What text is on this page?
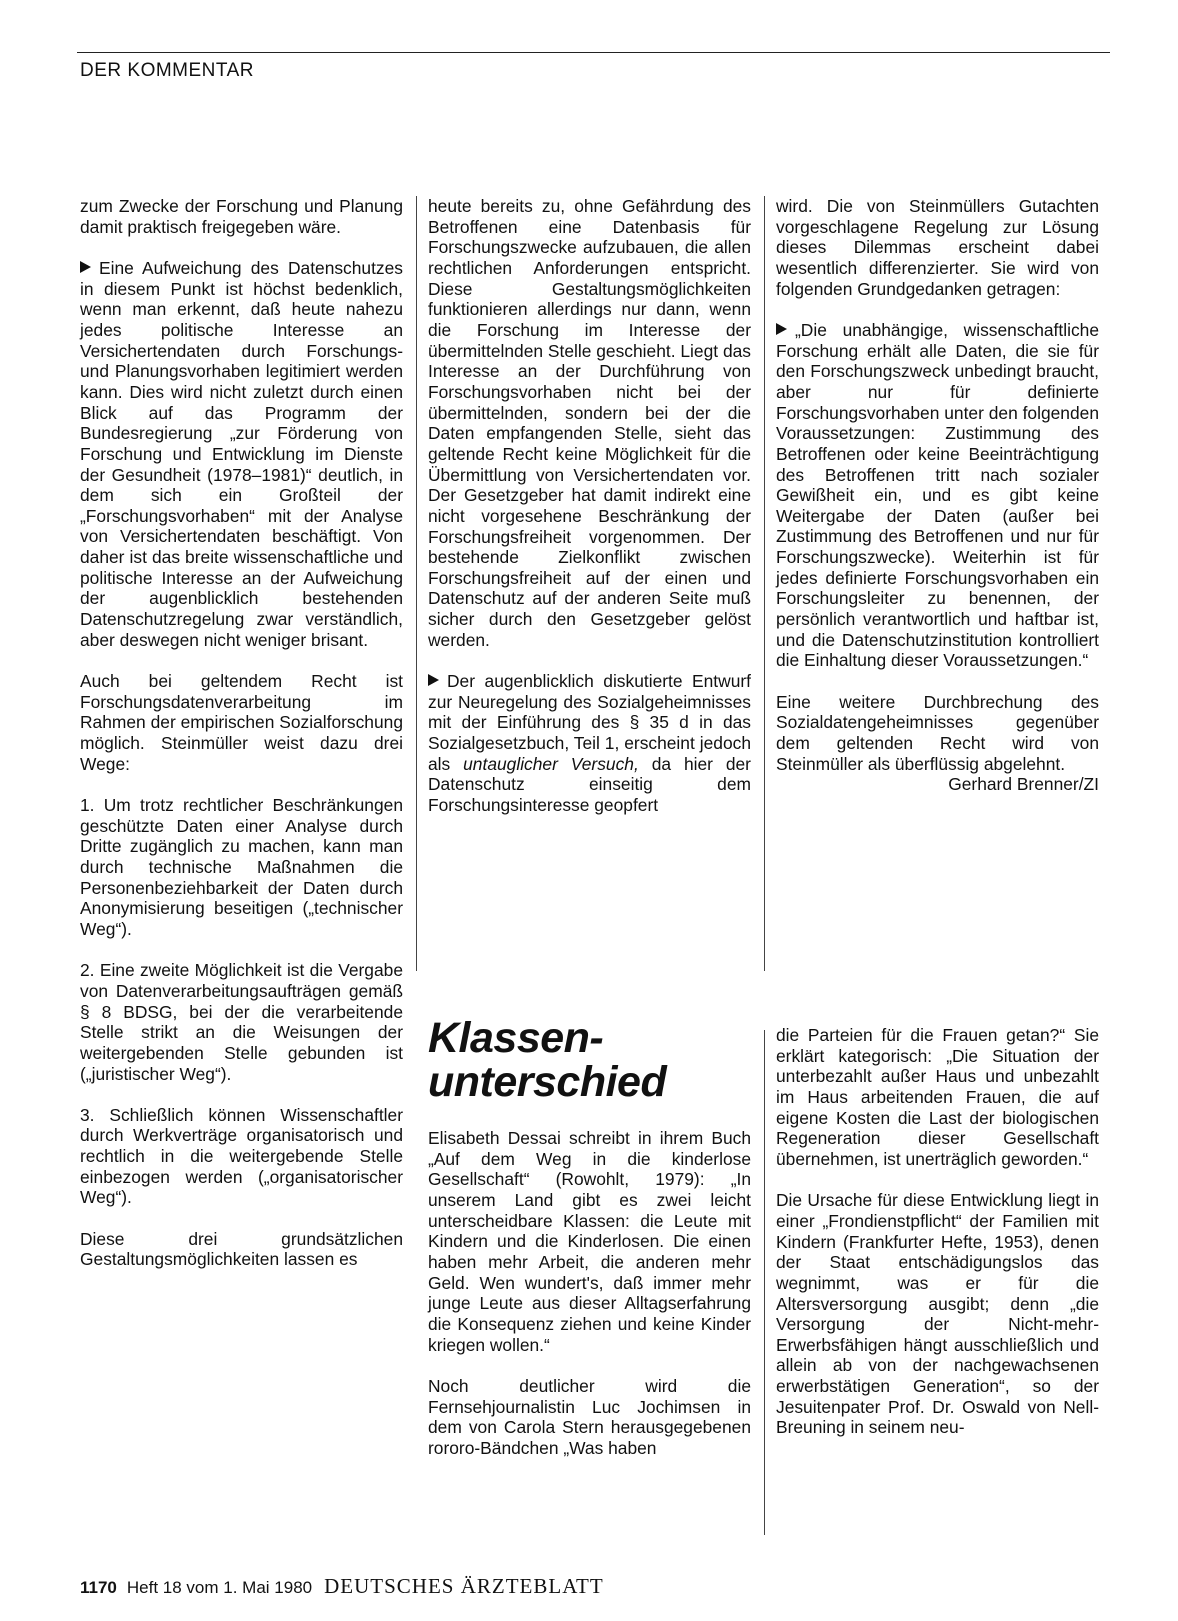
DER KOMMENTAR

zum Zwecke der Forschung und Planung damit praktisch freigegeben wäre.

Eine Aufweichung des Datenschutzes in diesem Punkt ist höchst bedenklich, wenn man erkennt, daß heute nahezu jedes politische Interesse an Versichertendaten durch Forschungs- und Planungsvorhaben legitimiert werden kann. Dies wird nicht zuletzt durch einen Blick auf das Programm der Bundesregierung „zur Förderung von Forschung und Entwicklung im Dienste der Gesundheit (1978–1981)“ deutlich, in dem sich ein Großteil der „Forschungsvorhaben“ mit der Analyse von Versichertendaten beschäftigt. Von daher ist das breite wissenschaftliche und politische Interesse an der Aufweichung der augenblicklich bestehenden Datenschutzregelung zwar verständlich, aber deswegen nicht weniger brisant.

Auch bei geltendem Recht ist Forschungsdatenverarbeitung im Rahmen der empirischen Sozialforschung möglich. Steinmüller weist dazu drei Wege:

1. Um trotz rechtlicher Beschränkungen geschützte Daten einer Analyse durch Dritte zugänglich zu machen, kann man durch technische Maßnahmen die Personenbeziehbarkeit der Daten durch Anonymisierung beseitigen („technischer Weg“).

2. Eine zweite Möglichkeit ist die Vergabe von Datenverarbeitungsaufträgen gemäß § 8 BDSG, bei der die verarbeitende Stelle strikt an die Weisungen der weitergebenden Stelle gebunden ist („juristischer Weg“).

3. Schließlich können Wissenschaftler durch Werkverträge organisatorisch und rechtlich in die weitergebende Stelle einbezogen werden („organisatorischer Weg“).

Diese drei grundsätzlichen Gestaltungsmöglichkeiten lassen es

heute bereits zu, ohne Gefährdung des Betroffenen eine Datenbasis für Forschungszwecke aufzubauen, die allen rechtlichen Anforderungen entspricht. Diese Gestaltungsmöglichkeiten funktionieren allerdings nur dann, wenn die Forschung im Interesse der übermittelnden Stelle geschieht. Liegt das Interesse an der Durchführung von Forschungsvorhaben nicht bei der übermittelnden, sondern bei der die Daten empfangenden Stelle, sieht das geltende Recht keine Möglichkeit für die Übermittlung von Versichertendaten vor. Der Gesetzgeber hat damit indirekt eine nicht vorgesehene Beschränkung der Forschungsfreiheit vorgenommen. Der bestehende Zielkonflikt zwischen Forschungsfreiheit auf der einen und Datenschutz auf der anderen Seite muß sicher durch den Gesetzgeber gelöst werden.

Der augenblicklich diskutierte Entwurf zur Neuregelung des Sozialgeheimnisses mit der Einführung des § 35 d in das Sozialgesetzbuch, Teil 1, erscheint jedoch als untauglicher Versuch, da hier der Datenschutz einseitig dem Forschungsinteresse geopfert

wird. Die von Steinmüllers Gutachten vorgeschlagene Regelung zur Lösung dieses Dilemmas erscheint dabei wesentlich differenzierter. Sie wird von folgenden Grundgedanken getragen:

„Die unabhängige, wissenschaftliche Forschung erhält alle Daten, die sie für den Forschungszweck unbedingt braucht, aber nur für definierte Forschungsvorhaben unter den folgenden Voraussetzungen: Zustimmung des Betroffenen oder keine Beeinträchtigung des Betroffenen tritt nach sozialer Gewißheit ein, und es gibt keine Weitergabe der Daten (außer bei Zustimmung des Betroffenen und nur für Forschungszwecke). Weiterhin ist für jedes definierte Forschungsvorhaben ein Forschungsleiter zu benennen, der persönlich verantwortlich und haftbar ist, und die Datenschutzinstitution kontrolliert die Einhaltung dieser Voraussetzungen.“

Eine weitere Durchbrechung des Sozialdatengeheimnisses gegenüber dem geltenden Recht wird von Steinmüller als überflüssig abgelehnt.
Gerhard Brenner/ZI

Klassen-
unterschied

Elisabeth Dessai schreibt in ihrem Buch „Auf dem Weg in die kinderlose Gesellschaft“ (Rowohlt, 1979): „In unserem Land gibt es zwei leicht unterscheidbare Klassen: die Leute mit Kindern und die Kinderlosen. Die einen haben mehr Arbeit, die anderen mehr Geld. Wen wundert's, daß immer mehr junge Leute aus dieser Alltagserfahrung die Konsequenz ziehen und keine Kinder kriegen wollen.“

Noch deutlicher wird die Fernsehjournalistin Luc Jochimsen in dem von Carola Stern herausgegebenen rororo-Bändchen „Was haben

die Parteien für die Frauen getan?“ Sie erklärt kategorisch: „Die Situation der unterbezahlt außer Haus und unbezahlt im Haus arbeitenden Frauen, die auf eigene Kosten die Last der biologischen Regeneration dieser Gesellschaft übernehmen, ist unerträglich geworden.“

Die Ursache für diese Entwicklung liegt in einer „Frondienstpflicht“ der Familien mit Kindern (Frankfurter Hefte, 1953), denen der Staat entschädigungslos das wegnimmt, was er für die Altersversorgung ausgibt; denn „die Versorgung der Nicht-mehr-Erwerbsfähigen hängt ausschließlich und allein ab von der nachgewachsenen erwerbstätigen Generation“, so der Jesuitenpater Prof. Dr. Oswald von Nell-Breuning in seinem neu-

1170 Heft 18 vom 1. Mai 1980 DEUTSCHES ÄRZTEBLATT
